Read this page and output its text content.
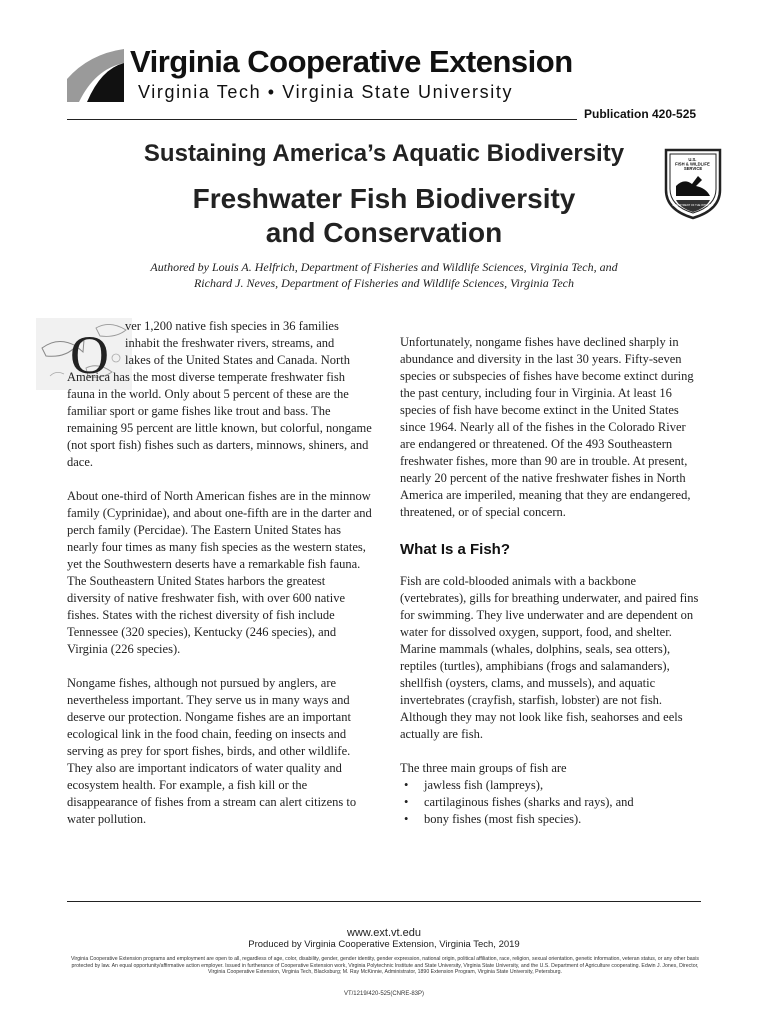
Virginia Cooperative Extension
Virginia Tech • Virginia State University
Publication 420-525
Sustaining America’s Aquatic Biodiversity
Freshwater Fish Biodiversity
and Conservation
U.S. FISH & WILDLIFE SERVICE
DEPARTMENT OF THE INTERIOR
Authored by Louis A. Helfrich, Department of Fisheries and Wildlife Sciences, Virginia Tech, and
Richard J. Neves, Department of Fisheries and Wildlife Sciences, Virginia Tech
O	ver 1,200 native fish species in 36 families
inhabit the freshwater rivers, streams, and
lakes of the United States and Canada. North
America has the most diverse temperate freshwater fish fauna in the world. Only about 5 percent of these are the familiar sport or game fishes like trout and bass. The remaining 95 percent are little known, but colorful, nongame (not sport fish) fishes such as darters, minnows, shiners, and dace.

About one-third of North American fishes are in the minnow family (Cyprinidae), and about one-fifth are in the darter and perch family (Percidae). The Eastern United States has nearly four times as many fish species as the western states, yet the Southwestern deserts have a remarkable fish fauna. The Southeastern United States harbors the greatest diversity of native freshwater fish, with over 600 native fishes. States with the richest diversity of fish include Tennessee (320 species), Kentucky (246 species), and Virginia (226 species).

Nongame fishes, although not pursued by anglers, are nevertheless important. They serve us in many ways and deserve our protection. Nongame fishes are an important ecological link in the food chain, feeding on insects and serving as prey for sport fishes, birds, and other wildlife. They also are important indicators of water quality and ecosystem health. For example, a fish kill or the disappearance of fishes from a stream can alert citizens to water pollution.

Unfortunately, nongame fishes have declined sharply in abundance and diversity in the last 30 years. Fifty-seven species or subspecies of fishes have become extinct during the past century, including four in Virginia. At least 16 species of fish have become extinct in the United States since 1964. Nearly all of the fishes in the Colorado River are endangered or threatened. Of the 493 Southeastern freshwater fishes, more than 90 are in trouble. At present, nearly 20 percent of the native freshwater fishes in North America are imperiled, meaning that they are endangered, threatened, or of special concern.

What Is a Fish?

Fish are cold-blooded animals with a backbone (vertebrates), gills for breathing underwater, and paired fins for swimming. They live underwater and are dependent on water for dissolved oxygen, support, food, and shelter. Marine mammals (whales, dolphins, seals, sea otters), reptiles (turtles), amphibians (frogs and salamanders), shellfish (oysters, clams, and mussels), and aquatic invertebrates (crayfish, starfish, lobster) are not fish. Although they may not look like fish, seahorses and eels actually are fish.

The three main groups of fish are

• jawless fish (lampreys),
• cartilaginous fishes (sharks and rays), and
• bony fishes (most fish species).
www.ext.vt.edu
Produced by Virginia Cooperative Extension, Virginia Tech, 2019
Virginia Cooperative Extension programs and employment are open to all, regardless of age, color, disability, gender, gender identity, gender expression, national origin, political affiliation, race, religion, sexual orientation, genetic information, veteran status, or any other basis protected by law. An equal opportunity/affirmative action employer. Issued in furtherance of Cooperative Extension work, Virginia Polytechnic Institute and State University, Virginia State University, and the U.S. Department of Agriculture cooperating. Edwin J. Jones, Director, Virginia Cooperative Extension, Virginia Tech, Blacksburg; M. Ray McKinnie, Administrator, 1890 Extension Program, Virginia State University, Petersburg.
VT/1219/420-525(CNRE-83P)
